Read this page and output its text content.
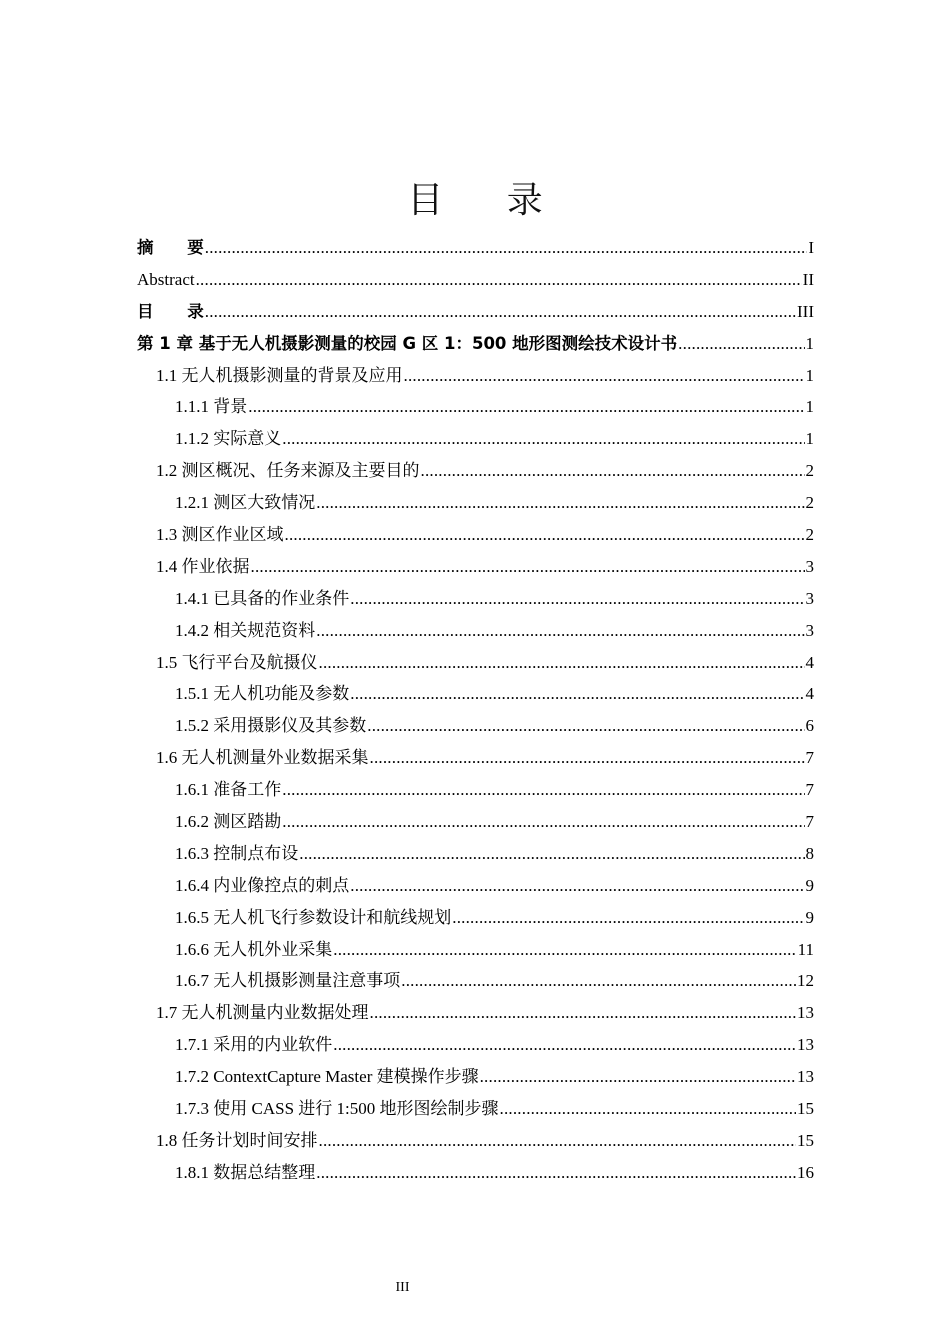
目 录
摘 要 .....	I
Abstract .....	II
目 录 .....	III
第 1 章 基于无人机摄影测量的校园 G 区 1：500 地形图测绘技术设计书 .....	1
1.1 无人机摄影测量的背景及应用 .....	1
1.1.1 背景 .....	1
1.1.2 实际意义 .....	1
1.2 测区概况、任务来源及主要目的 .....	2
1.2.1 测区大致情况 .....	2
1.3 测区作业区域 .....	2
1.4 作业依据 .....	3
1.4.1 已具备的作业条件 .....	3
1.4.2 相关规范资料 .....	3
1.5 飞行平台及航摄仪 .....	4
1.5.1 无人机功能及参数 .....	4
1.5.2 采用摄影仪及其参数 .....	6
1.6 无人机测量外业数据采集 .....	7
1.6.1 准备工作 .....	7
1.6.2 测区踏勘 .....	7
1.6.3 控制点布设 .....	8
1.6.4 内业像控点的刺点 .....	9
1.6.5 无人机飞行参数设计和航线规划 .....	9
1.6.6 无人机外业采集 .....	11
1.6.7 无人机摄影测量注意事项 .....	12
1.7 无人机测量内业数据处理 .....	13
1.7.1 采用的内业软件 .....	13
1.7.2 ContextCapture Master 建模操作步骤 .....	13
1.7.3 使用 CASS 进行 1:500 地形图绘制步骤 .....	15
1.8 任务计划时间安排 .....	15
1.8.1 数据总结整理 .....	16
III
